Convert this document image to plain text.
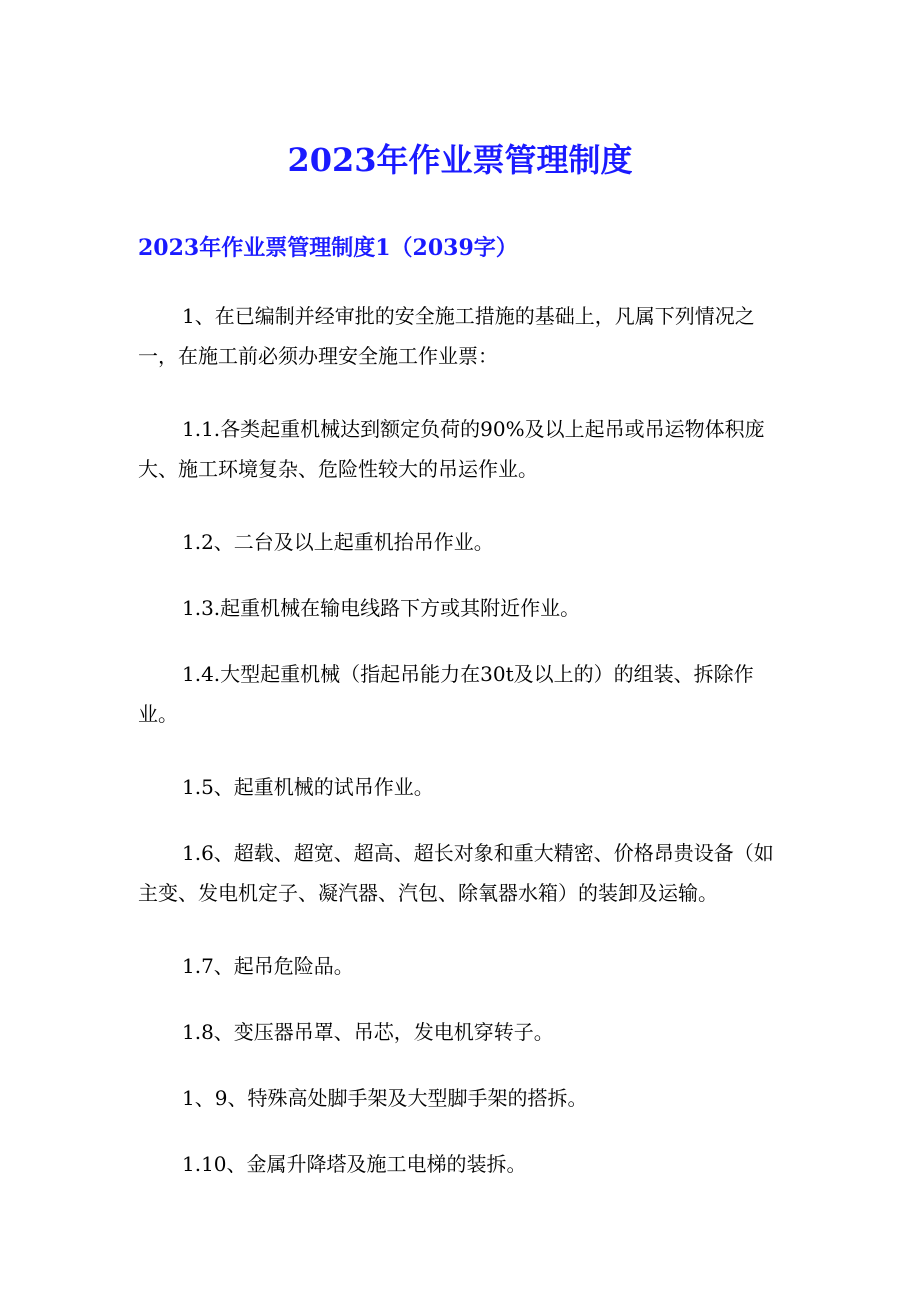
2023年作业票管理制度
2023年作业票管理制度1（2039字）

1、在已编制并经审批的安全施工措施的基础上，凡属下列情况之一，在施工前必须办理安全施工作业票：

1.1.各类起重机械达到额定负荷的90%及以上起吊或吊运物体积庞大、施工环境复杂、危险性较大的吊运作业。

1.2、二台及以上起重机抬吊作业。

1.3.起重机械在输电线路下方或其附近作业。

1.4.大型起重机械（指起吊能力在30t及以上的）的组装、拆除作业。

1.5、起重机械的试吊作业。

1.6、超载、超宽、超高、超长对象和重大精密、价格昂贵设备（如主变、发电机定子、凝汽器、汽包、除氧器水箱）的装卸及运输。

1.7、起吊危险品。

1.8、变压器吊罩、吊芯，发电机穿转子。

1、9、特殊高处脚手架及大型脚手架的搭拆。

1.10、金属升降塔及施工电梯的装拆。
